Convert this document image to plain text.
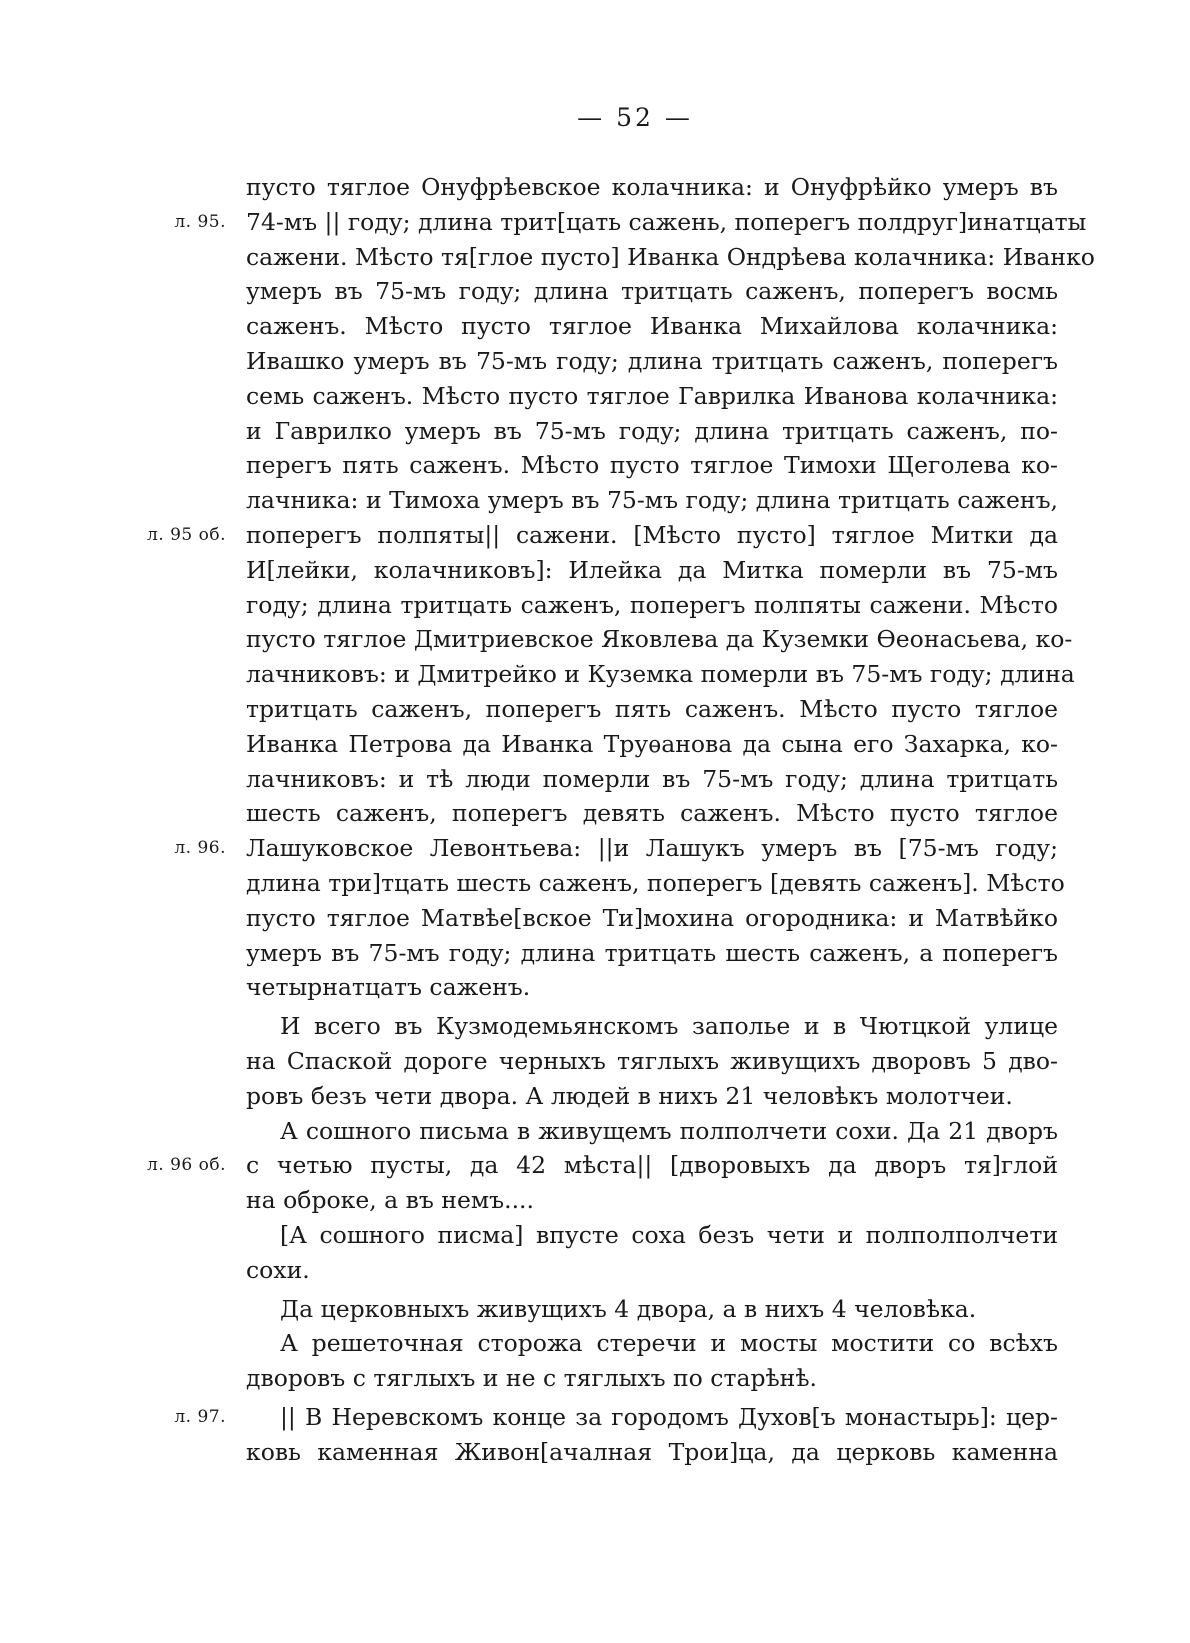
— 52 —
пусто тяглое Онуфрѣевское колачника: и Онуфрѣйко умеръ въ
л. 95. 74-мъ || году; длина трит[цать сажень, поперегъ полдруг]инатцаты
сажени. Мѣсто тя[глое пусто] Иванка Ондрѣева колачника: Иванко
умеръ въ 75-мъ году; длина тритцать саженъ, поперегъ восмь
саженъ. Мѣсто пусто тяглое Иванка Михайлова колачника:
Ивашко умеръ въ 75-мъ году; длина тритцать саженъ, поперегъ
семь саженъ. Мѣсто пусто тяглое Гаврилка Иванова колачника:
и Гаврилко умеръ въ 75-мъ году; длина тритцать саженъ, по-
перегъ пять саженъ. Мѣсто пусто тяглое Тимохи Щеголева ко-
лачника: и Тимоха умеръ въ 75-мъ году; длина тритцать саженъ,
л. 95 об. поперегъ полпяты|| сажени. [Мѣсто пусто] тяглое Митки да
И[лейки, колачниковъ]: Илейка да Митка померли въ 75-мъ
году; длина тритцать саженъ, поперегъ полпяты сажени. Мѣсто
пусто тяглое Дмитриевское Яковлева да Куземки Ѳеонасьева, ко-
лачниковъ: и Дмитрейко и Куземка померли въ 75-мъ году; длина
тритцать саженъ, поперегъ пять саженъ. Мѣсто пусто тяглое
Иванка Петрова да Иванка Труѳанова да сына его Захарка, ко-
лачниковъ: и тѣ люди померли въ 75-мъ году; длина тритцать
шесть саженъ, поперегъ девять саженъ. Мѣсто пусто тяглое
л. 96. Лашуковское Левонтьева: ||и Лашукъ умеръ въ [75-мъ году;
длина три]тцать шесть саженъ, поперегъ [девять саженъ]. Мѣсто
пусто тяглое Матвѣе[вское Ти]мохина огородника: и Матвѣйко
умеръ въ 75-мъ году; длина тритцать шесть саженъ, а поперегъ
четырнатцатъ саженъ.
И всего въ Кузмодемьянскомъ заполье и в Чютцкой улице
на Спаской дороге черныхъ тяглыхъ живущихъ дворовъ 5 дво-
ровъ безъ чети двора. А людей в нихъ 21 человѣкъ молотчеи.
А сошного письма в живущемъ полполчети сохи. Да 21 дворъ
л. 96 об. с четью пусты, да 42 мѣста|| [дворовыхъ да дворъ тя]глой
на оброке, а въ немъ....
[А сошного писма] впусте соха безъ чети и полполполчети
сохи.
Да церковныхъ живущихъ 4 двора, а в нихъ 4 человѣка.
А решеточная сторожа стеречи и мосты мостити со всѣхъ
дворовъ с тяглыхъ и не с тяглыхъ по старѣнѣ.
л. 97. || В Неревскомъ конце за городомъ Духов[ъ монастырь]: цер-
ковь каменная Живон[ачалная Трои]ца, да церковь каменна
